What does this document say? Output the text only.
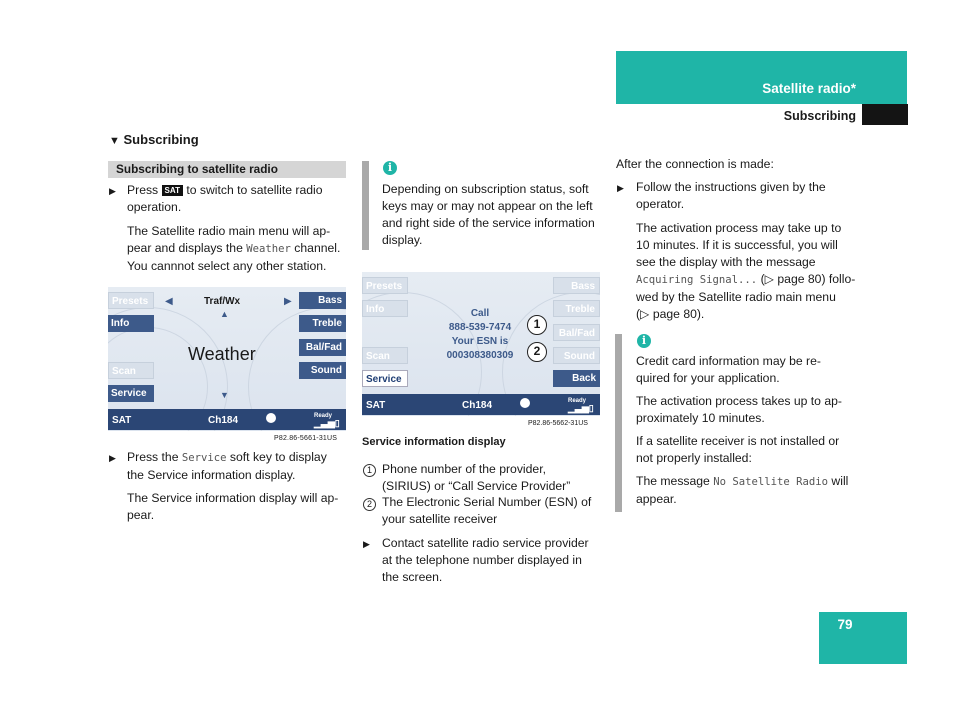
Satellite radio*
Subscribing
▼ Subscribing
Subscribing to satellite radio
▶ Press SAT to switch to satellite radio
operation.
The Satellite radio main menu will ap-
pear and displays the Weather channel.
You cannnot select any other station.
Presets
Info
Scan
Service
Bass
Treble
Bal/Fad
Sound
◀	▶
Traf/Wx
▲
Weather
▼
SAT	Ch184	Ready
▁▃▅▯
P82.86-5661-31US
▶ Press the Service soft key to display
the Service information display.
The Service information display will ap-
pear.
i
Depending on subscription status, soft
keys may or may not appear on the left
and right side of the service information
display.
Presets
Info
Scan
Service
Bass
Treble
Bal/Fad
Sound
Back
Call
888-539-7474
Your ESN is
000308380309
1
2
SAT	Ch184	Ready
▁▃▅▯
P82.86-5662-31US
Service information display
1 Phone number of the provider,
(SIRIUS) or “Call Service Provider”
2 The Electronic Serial Number (ESN) of
your satellite receiver
▶ Contact satellite radio service provider
at the telephone number displayed in
the screen.
After the connection is made:
▶ Follow the instructions given by the
operator.
The activation process may take up to
10 minutes. If it is successful, you will
see the display with the message
Acquiring Signal... (▷ page 80) follo-
wed by the Satellite radio main menu
(▷ page 80).
i
Credit card information may be re-
quired for your application.
The activation process takes up to ap-
proximately 10 minutes.
If a satellite receiver is not installed or
not properly installed:
The message No Satellite Radio will
appear.
79
